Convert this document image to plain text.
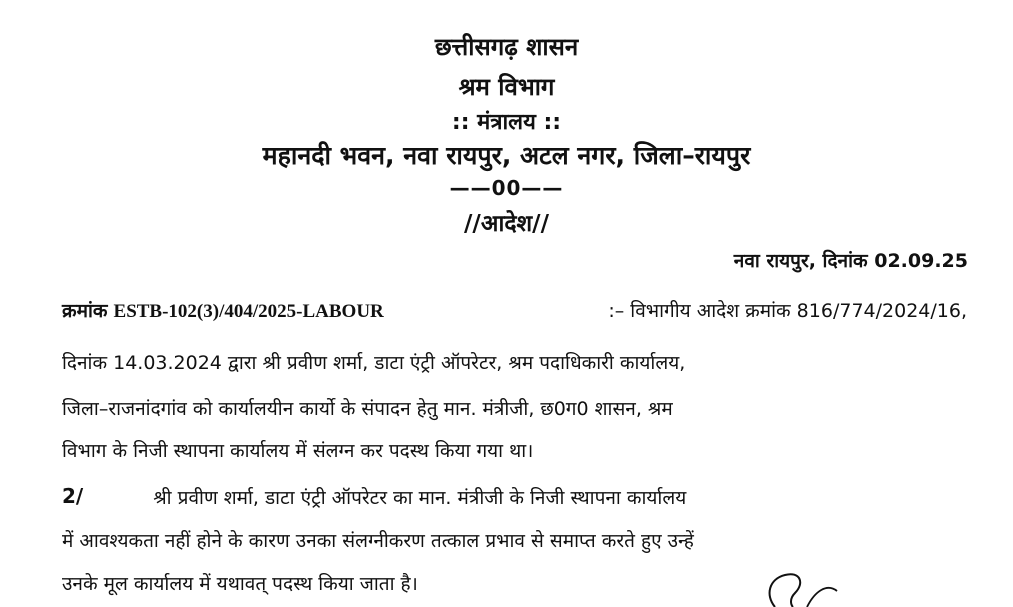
छत्तीसगढ़ शासन
श्रम विभाग
:: मंत्रालय ::
महानदी भवन, नवा रायपुर, अटल नगर, जिला–रायपुर
——00——
//आदेश//
नवा रायपुर, दिनांक 02.09.25
क्रमांक ESTB-102(3)/404/2025-LABOUR	:– विभागीय आदेश क्रमांक 816/774/2024/16,
दिनांक 14.03.2024 द्वारा श्री प्रवीण शर्मा, डाटा एंट्री ऑपरेटर, श्रम पदाधिकारी कार्यालय,
जिला–राजनांदगांव को कार्यालयीन कार्यो के संपादन हेतु मान. मंत्रीजी, छ0ग0 शासन, श्रम
विभाग के निजी स्थापना कार्यालय में संलग्न कर पदस्थ किया गया था।
2/	श्री प्रवीण शर्मा, डाटा एंट्री ऑपरेटर का मान. मंत्रीजी के निजी स्थापना कार्यालय
में आवश्यकता नहीं होने के कारण उनका संलग्नीकरण तत्काल प्रभाव से समाप्त करते हुए उन्हें
उनके मूल कार्यालय में यथावत् पदस्थ किया जाता है।
